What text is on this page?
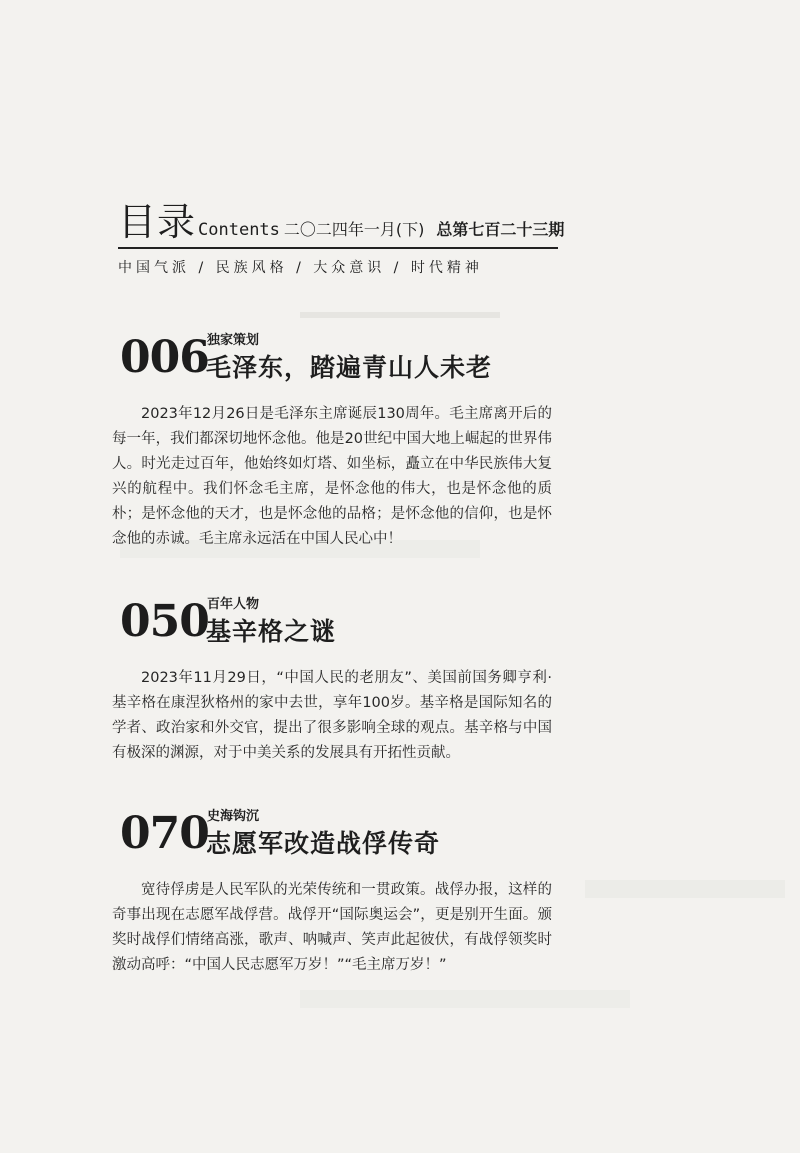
目录 Contents 二〇二四年一月(下) 总第七百二十三期
中国气派 / 民族风格 / 大众意识 / 时代精神
006
独家策划
毛泽东，踏遍青山人未老

2023年12月26日是毛泽东主席诞辰130周年。毛主席离开后的每一年，我们都深切地怀念他。他是20世纪中国大地上崛起的世界伟人。时光走过百年，他始终如灯塔、如坐标，矗立在中华民族伟大复兴的航程中。我们怀念毛主席，是怀念他的伟大，也是怀念他的质朴；是怀念他的天才，也是怀念他的品格；是怀念他的信仰，也是怀念他的赤诚。毛主席永远活在中国人民心中！

050
百年人物
基辛格之谜

2023年11月29日，“中国人民的老朋友”、美国前国务卿亨利·基辛格在康涅狄格州的家中去世，享年100岁。基辛格是国际知名的学者、政治家和外交官，提出了很多影响全球的观点。基辛格与中国有极深的渊源，对于中美关系的发展具有开拓性贡献。

070
史海钩沉
志愿军改造战俘传奇

宽待俘虏是人民军队的光荣传统和一贯政策。战俘办报，这样的奇事出现在志愿军战俘营。战俘开“国际奥运会”，更是别开生面。颁奖时战俘们情绪高涨，歌声、呐喊声、笑声此起彼伏，有战俘领奖时激动高呼：“中国人民志愿军万岁！”“毛主席万岁！”
